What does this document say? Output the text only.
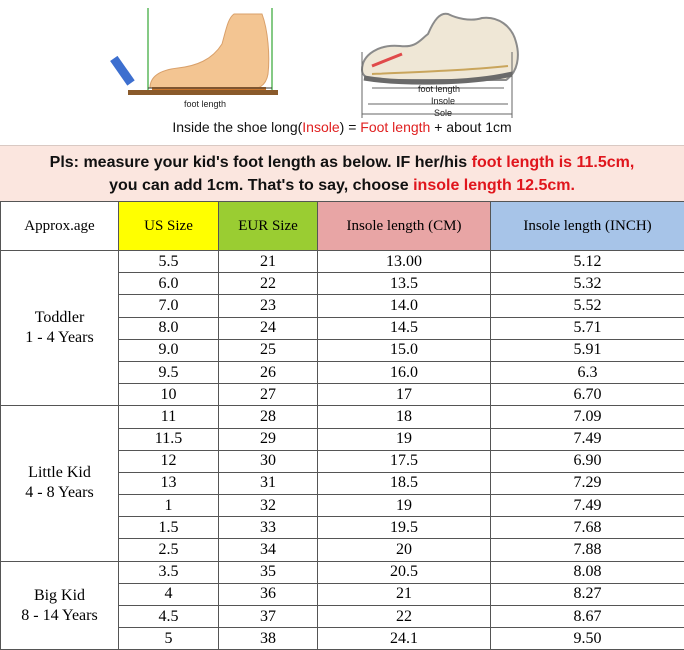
foot length
foot length
Insole
Sole
Inside the shoe long(Insole) = Foot length + about 1cm
Pls: measure your kid's foot length as below. IF her/his foot length is 11.5cm,
you can add 1cm. That's to say, choose insole length 12.5cm.
Approx.age	US Size	EUR Size	Insole length (CM)	Insole length (INCH)

Toddler
1 - 4 Years	5.5	21	13.00	5.12
	6.0	22	13.5	5.32
	7.0	23	14.0	5.52
	8.0	24	14.5	5.71
	9.0	25	15.0	5.91
	9.5	26	16.0	6.3
	10	27	17	6.70

Little Kid
4 - 8 Years	11	28	18	7.09
	11.5	29	19	7.49
	12	30	17.5	6.90
	13	31	18.5	7.29
	1	32	19	7.49
	1.5	33	19.5	7.68
	2.5	34	20	7.88

Big Kid
8 - 14 Years	3.5	35	20.5	8.08
	4	36	21	8.27
	4.5	37	22	8.67
	5	38	24.1	9.50
